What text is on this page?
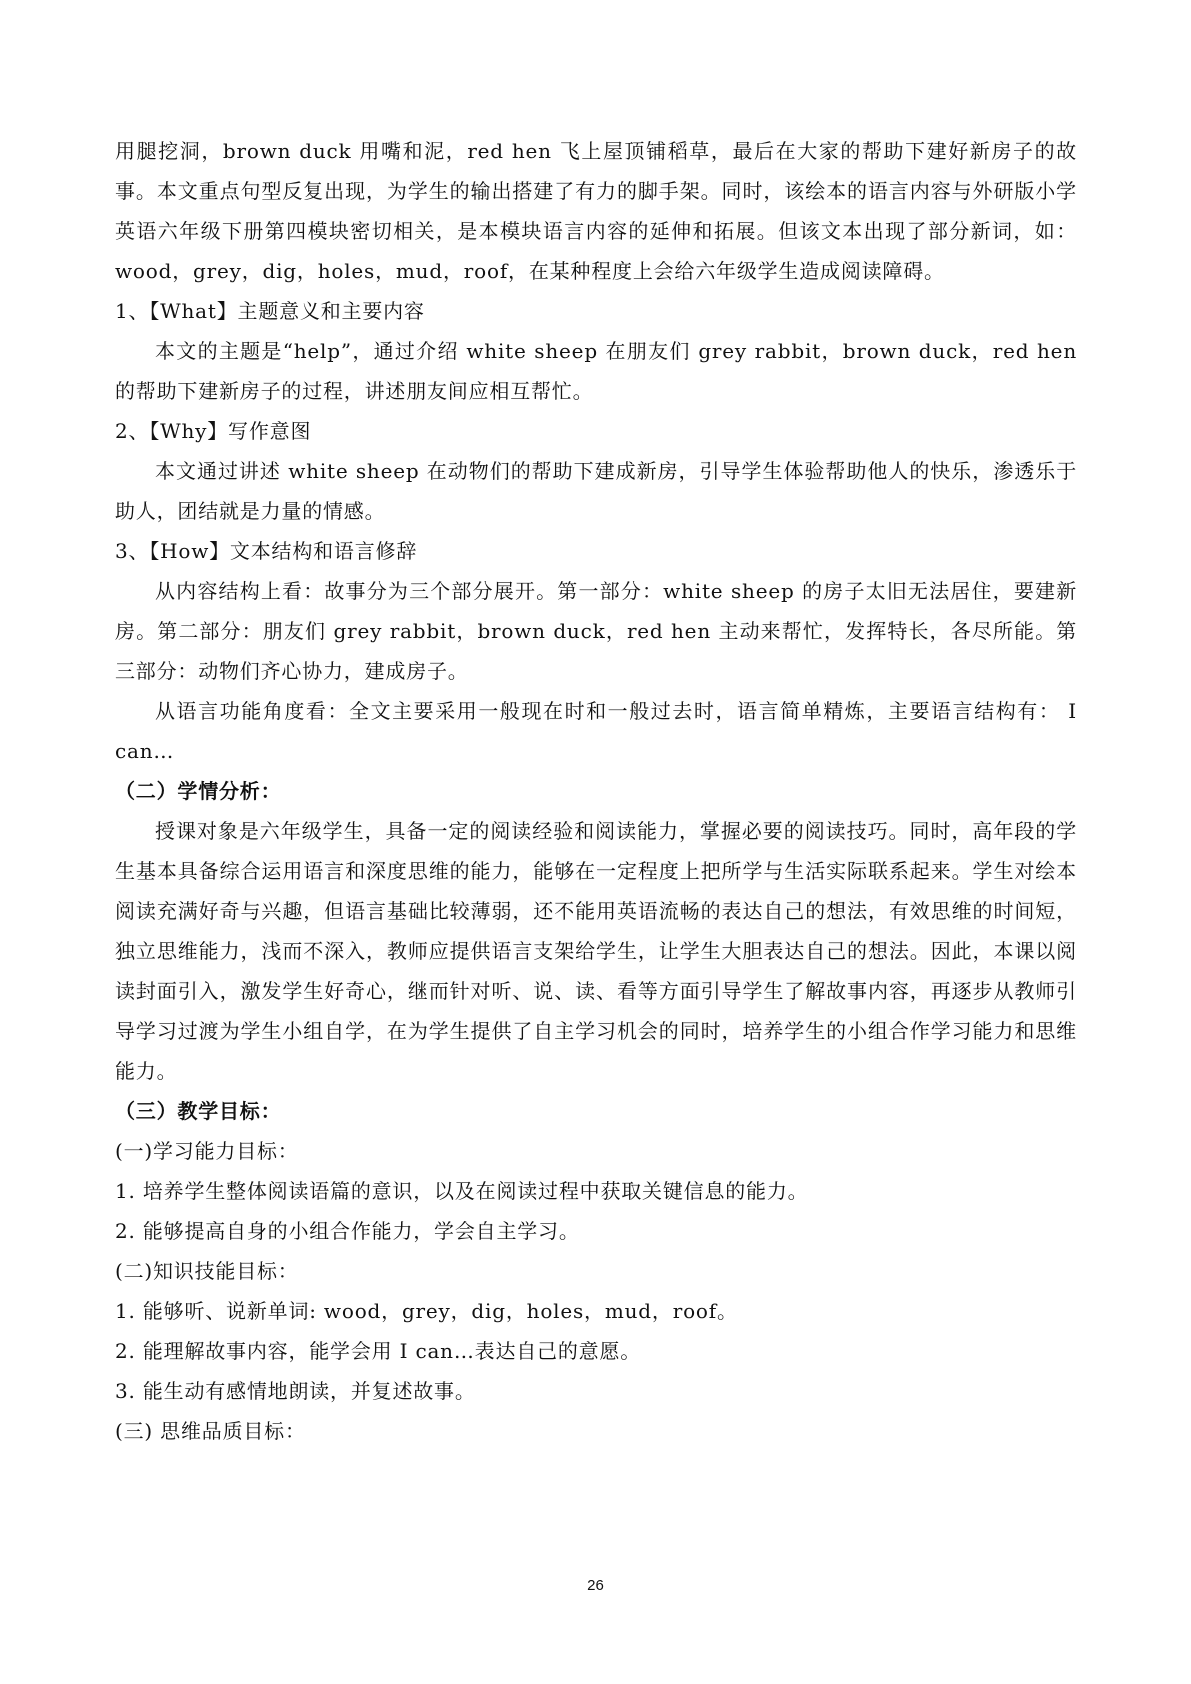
用腿挖洞，brown duck 用嘴和泥，red hen 飞上屋顶铺稻草，最后在大家的帮助下建好新房子的故事。本文重点句型反复出现，为学生的输出搭建了有力的脚手架。同时，该绘本的语言内容与外研版小学英语六年级下册第四模块密切相关，是本模块语言内容的延伸和拓展。但该文本出现了部分新词，如：wood，grey，dig，holes，mud，roof，在某种程度上会给六年级学生造成阅读障碍。

1、【What】主题意义和主要内容

本文的主题是“help”，通过介绍 white sheep 在朋友们 grey rabbit，brown duck，red hen 的帮助下建新房子的过程，讲述朋友间应相互帮忙。

2、【Why】写作意图

本文通过讲述 white sheep 在动物们的帮助下建成新房，引导学生体验帮助他人的快乐，渗透乐于助人，团结就是力量的情感。

3、【How】文本结构和语言修辞

从内容结构上看：故事分为三个部分展开。第一部分：white sheep 的房子太旧无法居住，要建新房。第二部分：朋友们 grey rabbit，brown duck，red hen 主动来帮忙，发挥特长，各尽所能。第三部分：动物们齐心协力，建成房子。

从语言功能角度看：全文主要采用一般现在时和一般过去时，语言简单精炼，主要语言结构有： I can…

（二）学情分析：

授课对象是六年级学生，具备一定的阅读经验和阅读能力，掌握必要的阅读技巧。同时，高年段的学生基本具备综合运用语言和深度思维的能力，能够在一定程度上把所学与生活实际联系起来。学生对绘本阅读充满好奇与兴趣，但语言基础比较薄弱，还不能用英语流畅的表达自己的想法，有效思维的时间短，独立思维能力，浅而不深入，教师应提供语言支架给学生，让学生大胆表达自己的想法。因此，本课以阅读封面引入，激发学生好奇心，继而针对听、说、读、看等方面引导学生了解故事内容，再逐步从教师引导学习过渡为学生小组自学，在为学生提供了自主学习机会的同时，培养学生的小组合作学习能力和思维能力。

（三）教学目标：

(一)学习能力目标：

1. 培养学生整体阅读语篇的意识，以及在阅读过程中获取关键信息的能力。

2. 能够提高自身的小组合作能力，学会自主学习。

(二)知识技能目标：

1. 能够听、说新单词: wood，grey，dig，holes，mud，roof。

2. 能理解故事内容，能学会用 I can…表达自己的意愿。

3. 能生动有感情地朗读，并复述故事。

(三) 思维品质目标：

26
